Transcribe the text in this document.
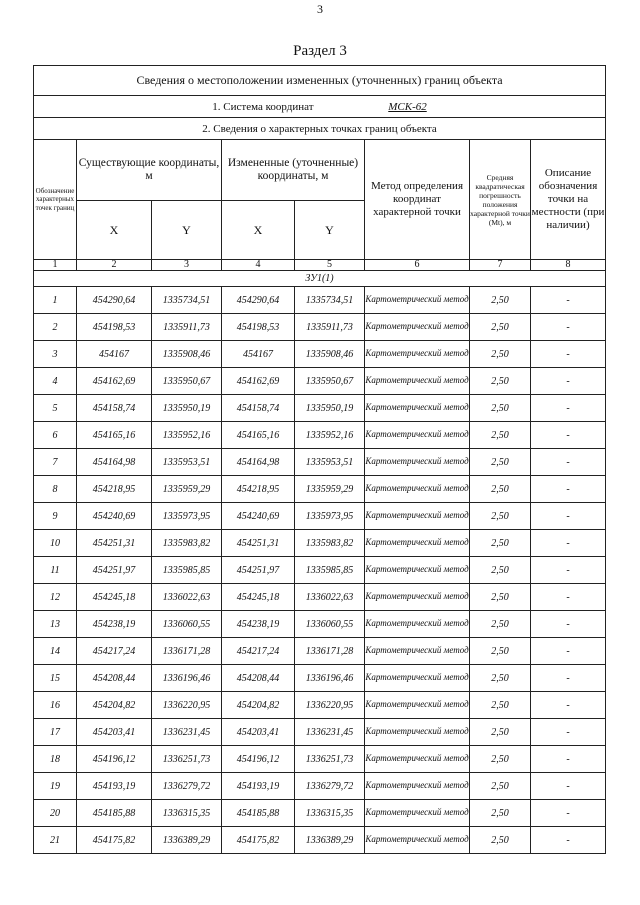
3
Раздел 3
Сведения о местоположении измененных (уточненных) границ объекта							
1. Система координат МСК-62							
2. Сведения о характерных точках границ объекта							
Обозначение характерных точек границ	Существующие координаты, м		Измененные (уточненные) координаты, м		Метод определения координат характерной точки	Средняя квадратическая погрешность положения характерной точки (Mt), м	Описание обозначения точки на местности (при наличии)
	X	Y	X	Y			
1	2	3	4	5	6	7	8
ЗУ1(1)							
1	454290,64	1335734,51	454290,64	1335734,51	Картометрический метод	2,50	-
2	454198,53	1335911,73	454198,53	1335911,73	Картометрический метод	2,50	-
3	454167	1335908,46	454167	1335908,46	Картометрический метод	2,50	-
4	454162,69	1335950,67	454162,69	1335950,67	Картометрический метод	2,50	-
5	454158,74	1335950,19	454158,74	1335950,19	Картометрический метод	2,50	-
6	454165,16	1335952,16	454165,16	1335952,16	Картометрический метод	2,50	-
7	454164,98	1335953,51	454164,98	1335953,51	Картометрический метод	2,50	-
8	454218,95	1335959,29	454218,95	1335959,29	Картометрический метод	2,50	-
9	454240,69	1335973,95	454240,69	1335973,95	Картометрический метод	2,50	-
10	454251,31	1335983,82	454251,31	1335983,82	Картометрический метод	2,50	-
11	454251,97	1335985,85	454251,97	1335985,85	Картометрический метод	2,50	-
12	454245,18	1336022,63	454245,18	1336022,63	Картометрический метод	2,50	-
13	454238,19	1336060,55	454238,19	1336060,55	Картометрический метод	2,50	-
14	454217,24	1336171,28	454217,24	1336171,28	Картометрический метод	2,50	-
15	454208,44	1336196,46	454208,44	1336196,46	Картометрический метод	2,50	-
16	454204,82	1336220,95	454204,82	1336220,95	Картометрический метод	2,50	-
17	454203,41	1336231,45	454203,41	1336231,45	Картометрический метод	2,50	-
18	454196,12	1336251,73	454196,12	1336251,73	Картометрический метод	2,50	-
19	454193,19	1336279,72	454193,19	1336279,72	Картометрический метод	2,50	-
20	454185,88	1336315,35	454185,88	1336315,35	Картометрический метод	2,50	-
21	454175,82	1336389,29	454175,82	1336389,29	Картометрический метод	2,50	-
